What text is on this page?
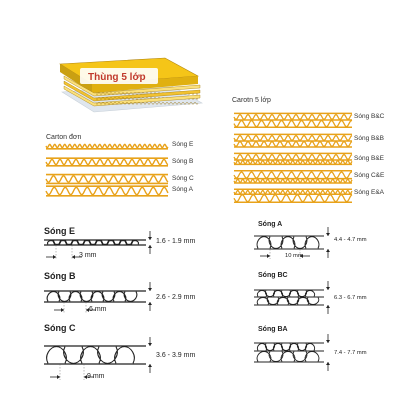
Thùng 5 lớp
Carton đơn
Sóng E
Sóng B
Sóng C
Sóng A
Carotn 5 lớp
Sóng B&C
Sóng B&B
Sóng B&E
Sóng C&E
Sóng E&A
Sóng E
1.6 - 1.9 mm
3 mm
Sóng B
2.6 - 2.9 mm
6 mm
Sóng C
3.6 - 3.9 mm
9 mm
Sóng A
4.4 - 4.7 mm
10 mm
Sóng BC
6.3 - 6.7 mm
Sóng BA
7.4 - 7.7 mm
